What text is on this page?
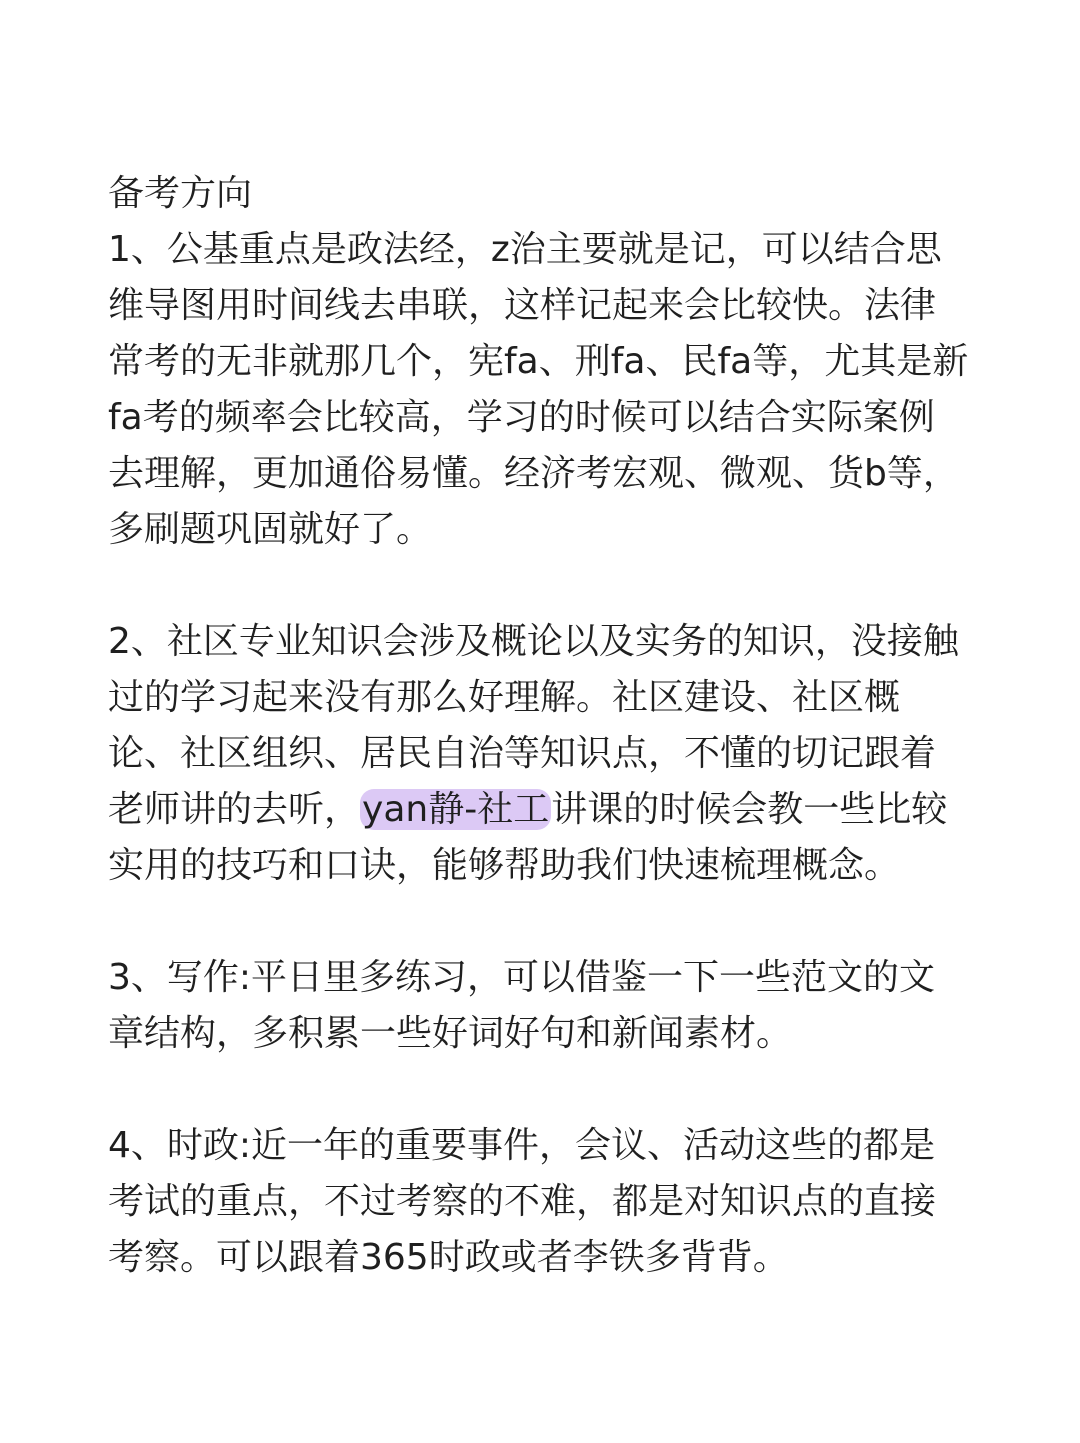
备考方向
1、公基重点是政法经，z治主要就是记，可以结合思
维导图用时间线去串联，这样记起来会比较快。法律
常考的无非就那几个，宪fa、刑fa、民fa等，尤其是新
fa考的频率会比较高，学习的时候可以结合实际案例
去理解，更加通俗易懂。经济考宏观、微观、货b等，
多刷题巩固就好了。
2、社区专业知识会涉及概论以及实务的知识，没接触
过的学习起来没有那么好理解。社区建设、社区概
论、社区组织、居民自治等知识点，不懂的切记跟着
老师讲的去听，yan静-社工讲课的时候会教一些比较
实用的技巧和口诀，能够帮助我们快速梳理概念。
3、写作:平日里多练习，可以借鉴一下一些范文的文
章结构，多积累一些好词好句和新闻素材。
4、时政:近一年的重要事件，会议、活动这些的都是
考试的重点，不过考察的不难，都是对知识点的直接
考察。可以跟着365时政或者李铁多背背。
